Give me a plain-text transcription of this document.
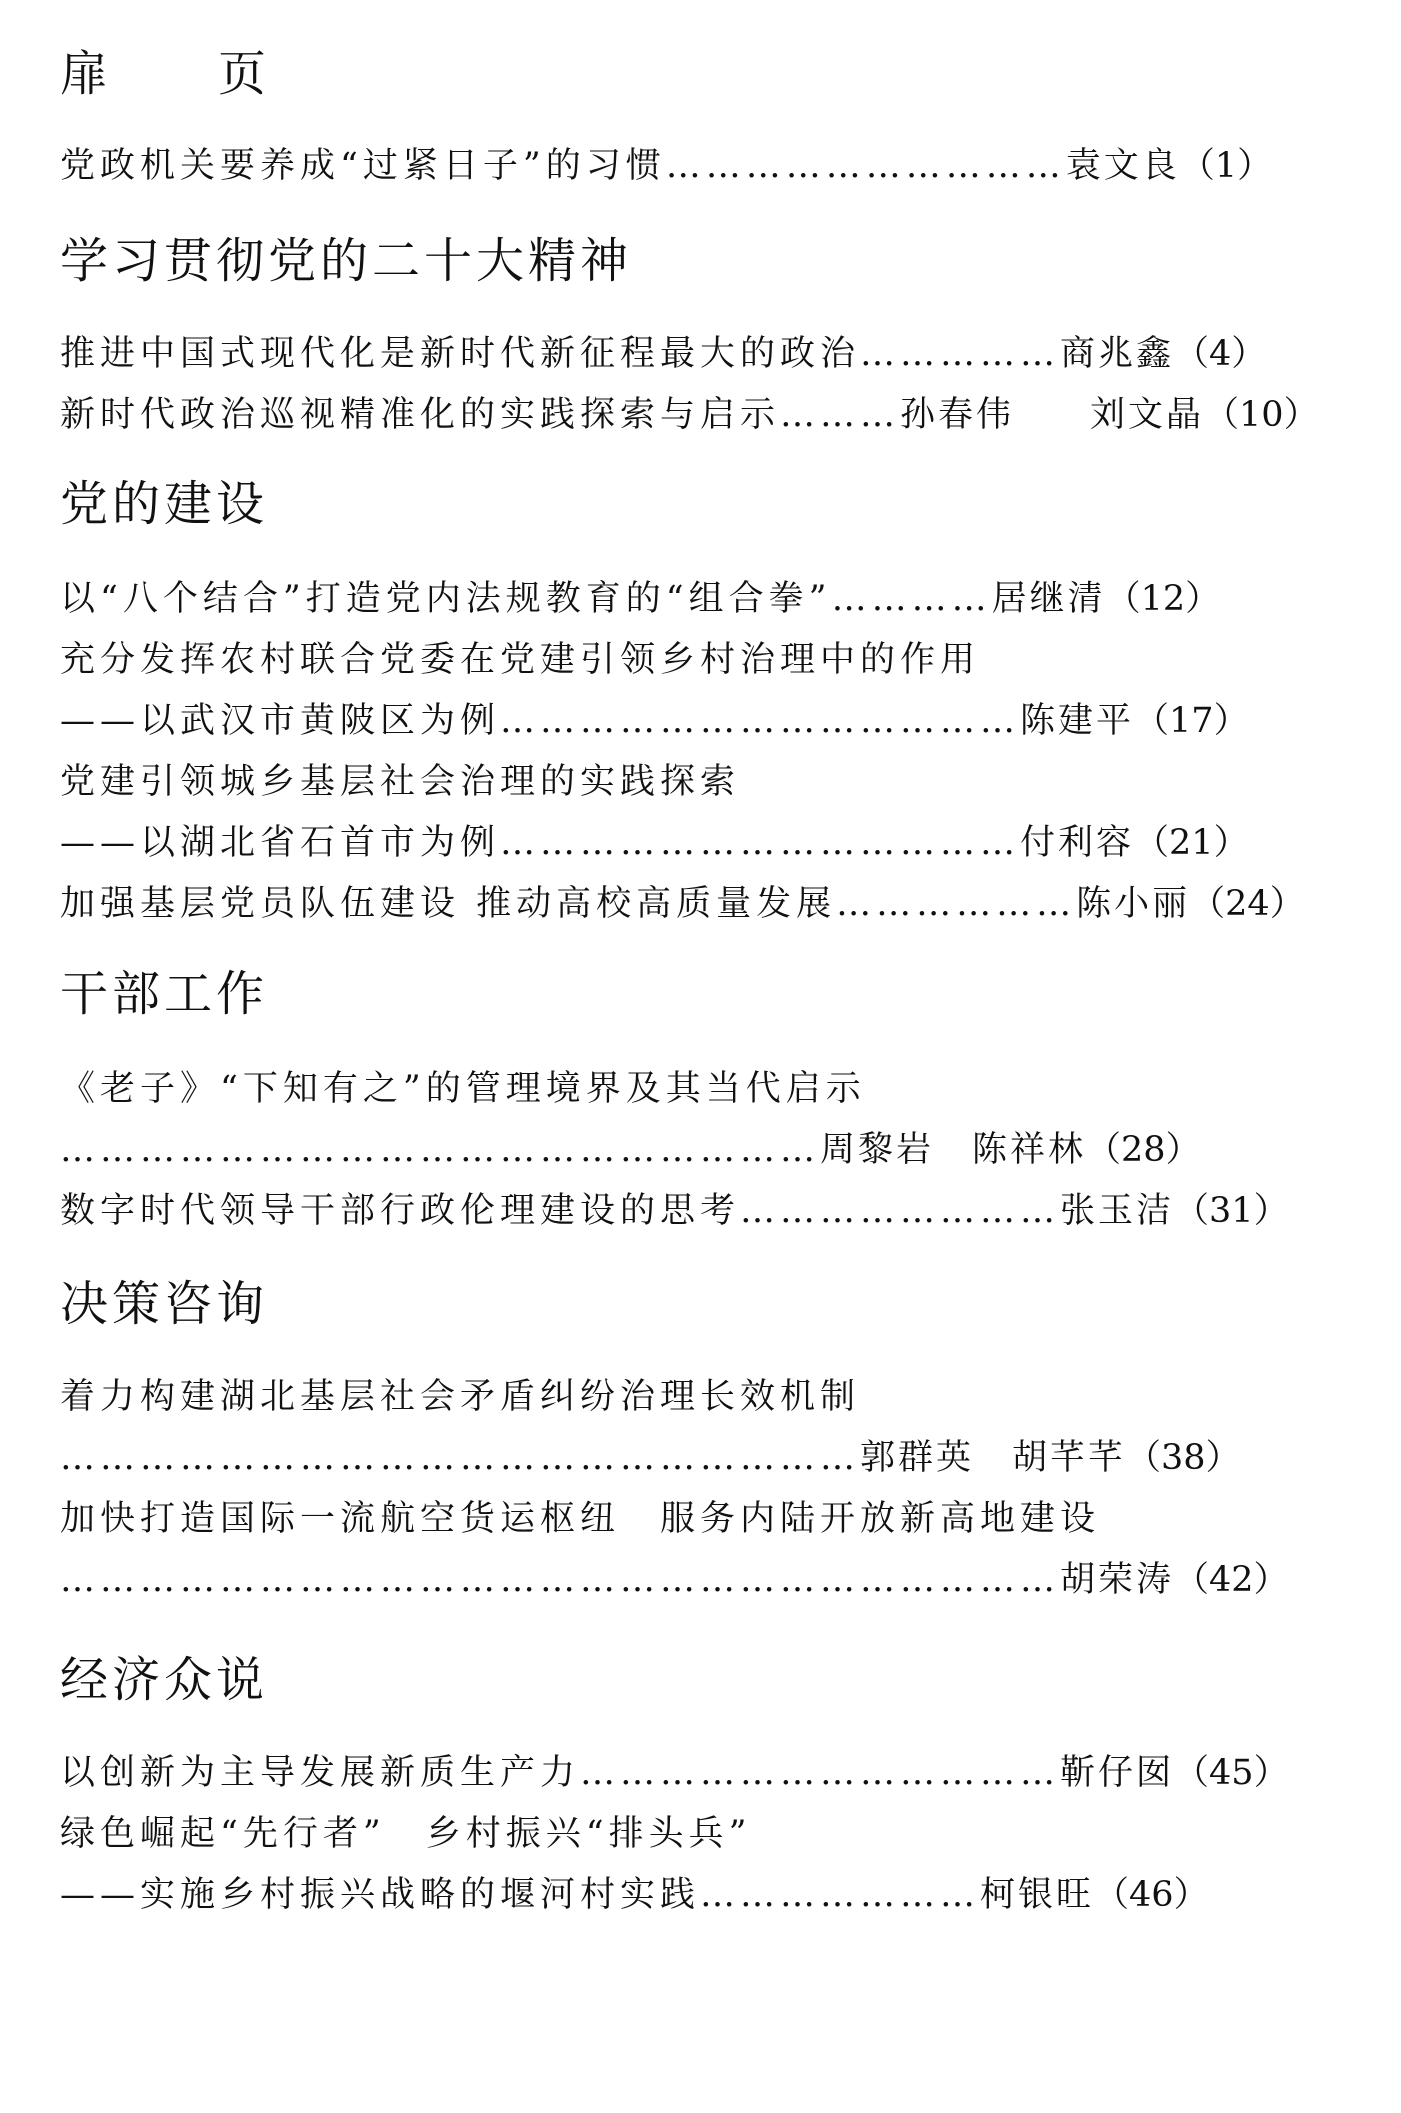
扉 页
党政机关要养成“过紧日子”的习惯…………………………袁文良（1）
学习贯彻党的二十大精神
推进中国式现代化是新时代新征程最大的政治……………商兆鑫（4）
新时代政治巡视精准化的实践探索与启示………孙春伟　　刘文晶（10）
党的建设
以“八个结合”打造党内法规教育的“组合拳”…………居继清（12）
充分发挥农村联合党委在党建引领乡村治理中的作用
——以武汉市黄陂区为例…………………………………陈建平（17）
党建引领城乡基层社会治理的实践探索
——以湖北省石首市为例…………………………………付利容（21）
加强基层党员队伍建设 推动高校高质量发展………………陈小丽（24）
干部工作
《老子》“下知有之”的管理境界及其当代启示
…………………………………………………周黎岩　陈祥林（28）
数字时代领导干部行政伦理建设的思考……………………张玉洁（31）
决策咨询
着力构建湖北基层社会矛盾纠纷治理长效机制
……………………………………………………郭群英　胡芊芊（38）
加快打造国际一流航空货运枢纽　服务内陆开放新高地建设
…………………………………………………………………胡荣涛（42）
经济众说
以创新为主导发展新质生产力………………………………靳仔囡（45）
绿色崛起“先行者”　乡村振兴“排头兵”
——实施乡村振兴战略的堰河村实践…………………柯银旺（46）
